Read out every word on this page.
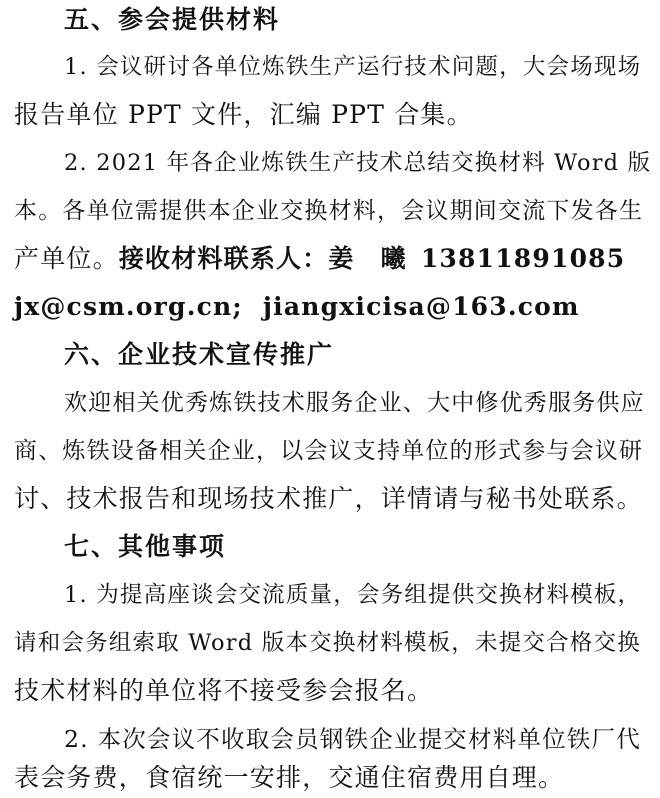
五、参会提供材料
1. 会议研讨各单位炼铁生产运行技术问题，大会场现场
报告单位 PPT 文件，汇编 PPT 合集。
2. 2021 年各企业炼铁生产技术总结交换材料 Word 版
本。各单位需提供本企业交换材料，会议期间交流下发各生
产单位。接收材料联系人：姜 曦 13811891085
jx@csm.org.cn; jiangxicisa@163.com
六、企业技术宣传推广
欢迎相关优秀炼铁技术服务企业、大中修优秀服务供应
商、炼铁设备相关企业，以会议支持单位的形式参与会议研
讨、技术报告和现场技术推广，详情请与秘书处联系。
七、其他事项
1. 为提高座谈会交流质量，会务组提供交换材料模板，
请和会务组索取 Word 版本交换材料模板，未提交合格交换
技术材料的单位将不接受参会报名。
2. 本次会议不收取会员钢铁企业提交材料单位铁厂代
表会务费，食宿统一安排，交通住宿费用自理。
